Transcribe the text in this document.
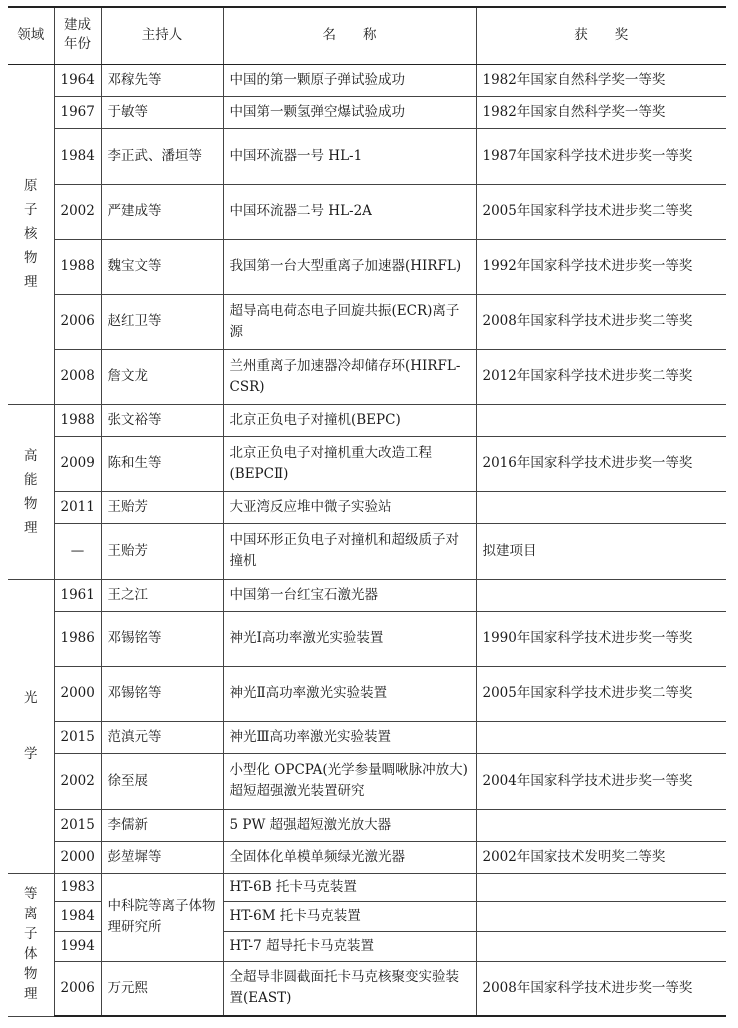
领域	建成年份	主持人	名　　称	获　　奖
原子核物理	1964	邓稼先等	中国的第一颗原子弹试验成功	1982年国家自然科学奖一等奖
	1967	于敏等	中国第一颗氢弹空爆试验成功	1982年国家自然科学奖一等奖
	1984	李正武、潘垣等	中国环流器一号 HL-1	1987年国家科学技术进步奖一等奖
	2002	严建成等	中国环流器二号 HL-2A	2005年国家科学技术进步奖二等奖
	1988	魏宝文等	我国第一台大型重离子加速器(HIRFL)	1992年国家科学技术进步奖一等奖
	2006	赵红卫等	超导高电荷态电子回旋共振(ECR)离子源	2008年国家科学技术进步奖二等奖
	2008	詹文龙	兰州重离子加速器冷却储存环(HIRFL-CSR)	2012年国家科学技术进步奖二等奖
高能物理	1988	张文裕等	北京正负电子对撞机(BEPC)	
	2009	陈和生等	北京正负电子对撞机重大改造工程(BEPCⅡ)	2016年国家科学技术进步奖一等奖
	2011	王贻芳	大亚湾反应堆中微子实验站	
	—	王贻芳	中国环形正负电子对撞机和超级质子对撞机	拟建项目
光学	1961	王之江	中国第一台红宝石激光器	
	1986	邓锡铭等	神光Ⅰ高功率激光实验装置	1990年国家科学技术进步奖一等奖
	2000	邓锡铭等	神光Ⅱ高功率激光实验装置	2005年国家科学技术进步奖二等奖
	2015	范滇元等	神光Ⅲ高功率激光实验装置	
	2002	徐至展	小型化 OPCPA(光学参量啁啾脉冲放大)超短超强激光装置研究	2004年国家科学技术进步奖一等奖
	2015	李儒新	5 PW 超强超短激光放大器	
	2000	彭堃墀等	全固体化单模单频绿光激光器	2002年国家技术发明奖二等奖
等离子体物理	1983	中科院等离子体物理研究所	HT-6B 托卡马克装置	
	1984		HT-6M 托卡马克装置	
	1994		HT-7 超导托卡马克装置	
	2006	万元熙	全超导非圆截面托卡马克核聚变实验装置(EAST)	2008年国家科学技术进步奖一等奖
